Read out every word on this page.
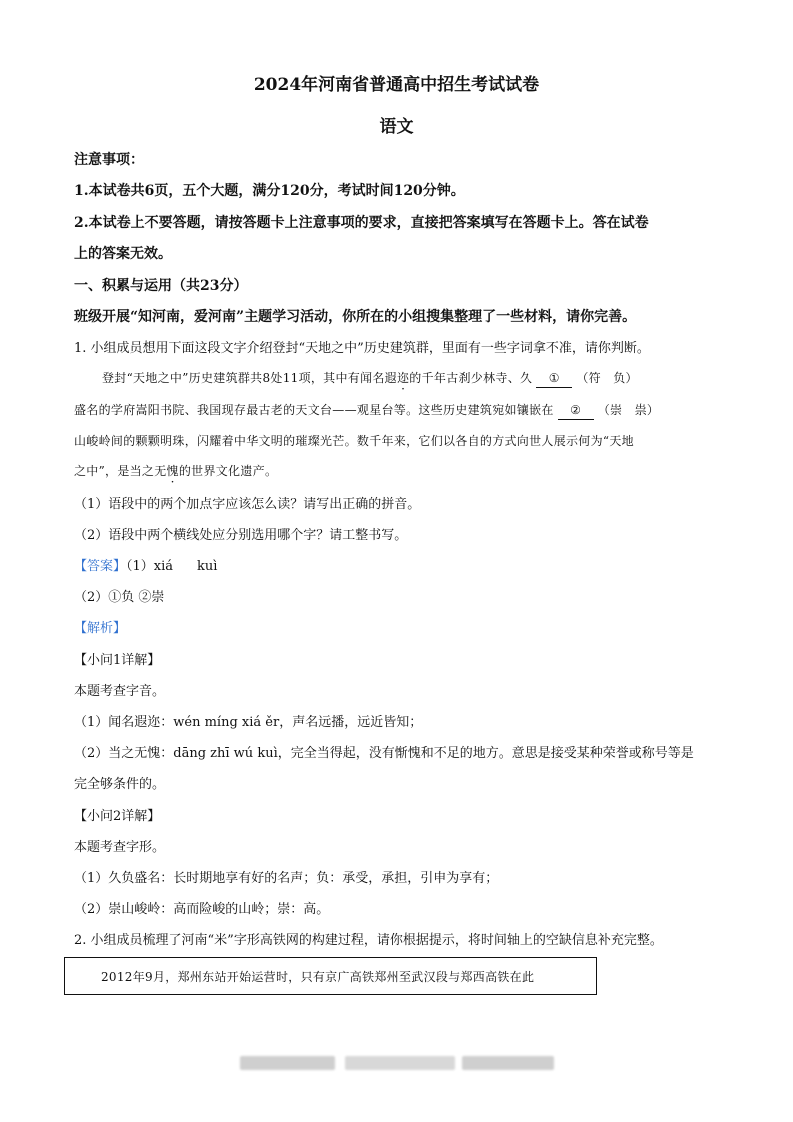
2024年河南省普通高中招生考试试卷
语文
注意事项：
1.本试卷共6页，五个大题，满分120分，考试时间120分钟。
2.本试卷上不要答题，请按答题卡上注意事项的要求，直接把答案填写在答题卡上。答在试卷
上的答案无效。
一、积累与运用（共23分）
班级开展“知河南，爱河南”主题学习活动，你所在的小组搜集整理了一些材料，请你完善。
1. 小组成员想用下面这段文字介绍登封“天地之中”历史建筑群，里面有一些字词拿不准，请你判断。
登封“天地之中”历史建筑群共8处11项，其中有闻名遐迩的千年古刹少林寺、久 ① （符　负）
盛名的学府嵩阳书院、我国现存最古老的天文台——观星台等。这些历史建筑宛如镶嵌在 ② （崇　祟）
山峻岭间的颗颗明珠，闪耀着中华文明的璀璨光芒。数千年来，它们以各自的方式向世人展示何为“天地
之中”，是当之无愧的世界文化遗产。
（1）语段中的两个加点字应该怎么读？请写出正确的拼音。
（2）语段中两个横线处应分别选用哪个字？请工整书写。
【答案】（1）xiá kuì
（2）①负 ②崇
【解析】
【小问1详解】
本题考查字音。
（1）闻名遐迩：wén míng xiá ěr，声名远播，远近皆知；
（2）当之无愧：dāng zhī wú kuì，完全当得起，没有惭愧和不足的地方。意思是接受某种荣誉或称号等是
完全够条件的。
【小问2详解】
本题考查字形。
（1）久负盛名：长时期地享有好的名声；负：承受，承担，引申为享有；
（2）崇山峻岭：高而险峻的山岭；崇：高。
2. 小组成员梳理了河南“米”字形高铁网的构建过程，请你根据提示，将时间轴上的空缺信息补充完整。
2012年9月，郑州东站开始运营时，只有京广高铁郑州至武汉段与郑西高铁在此
